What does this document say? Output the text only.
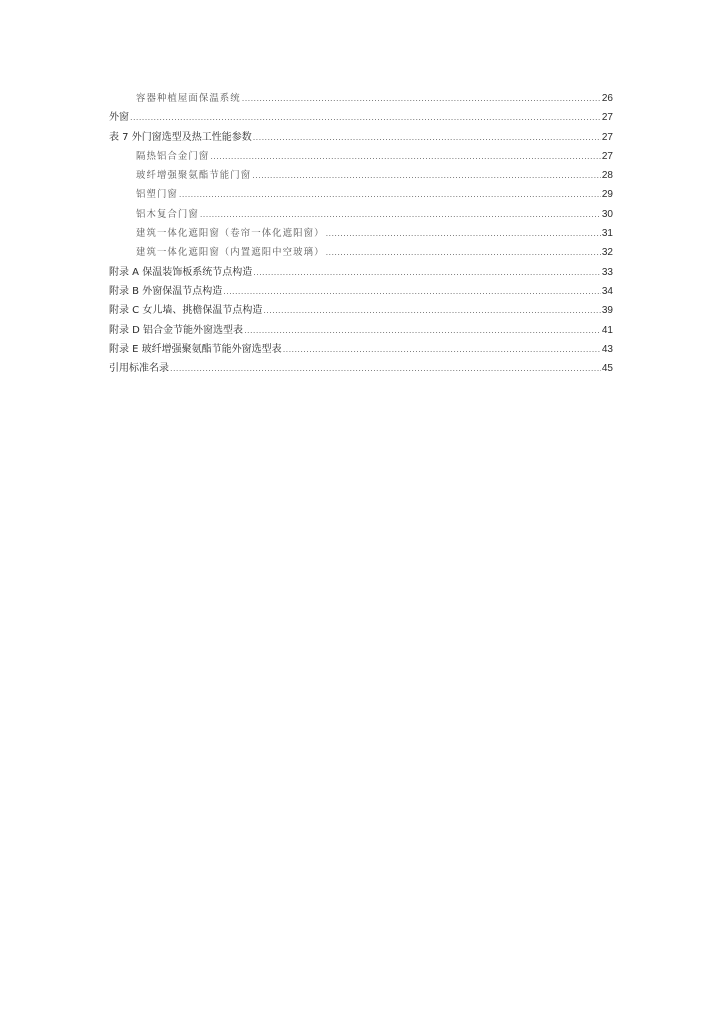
容器种植屋面保温系统 .....	26
外窗 .....	27
表 7 外门窗选型及热工性能参数 .....	27
隔热铝合金门窗 .....	27
玻纤增强聚氨酯节能门窗 .....	28
铝塑门窗 .....	29
铝木复合门窗 .....	30
建筑一体化遮阳窗（卷帘一体化遮阳窗） .....	31
建筑一体化遮阳窗（内置遮阳中空玻璃） .....	32
附录 A 保温装饰板系统节点构造 .....	33
附录 B 外窗保温节点构造 .....	34
附录 C 女儿墙、挑檐保温节点构造 .....	39
附录 D 铝合金节能外窗选型表 .....	41
附录 E 玻纤增强聚氨酯节能外窗选型表 .....	43
引用标准名录 .....	45
